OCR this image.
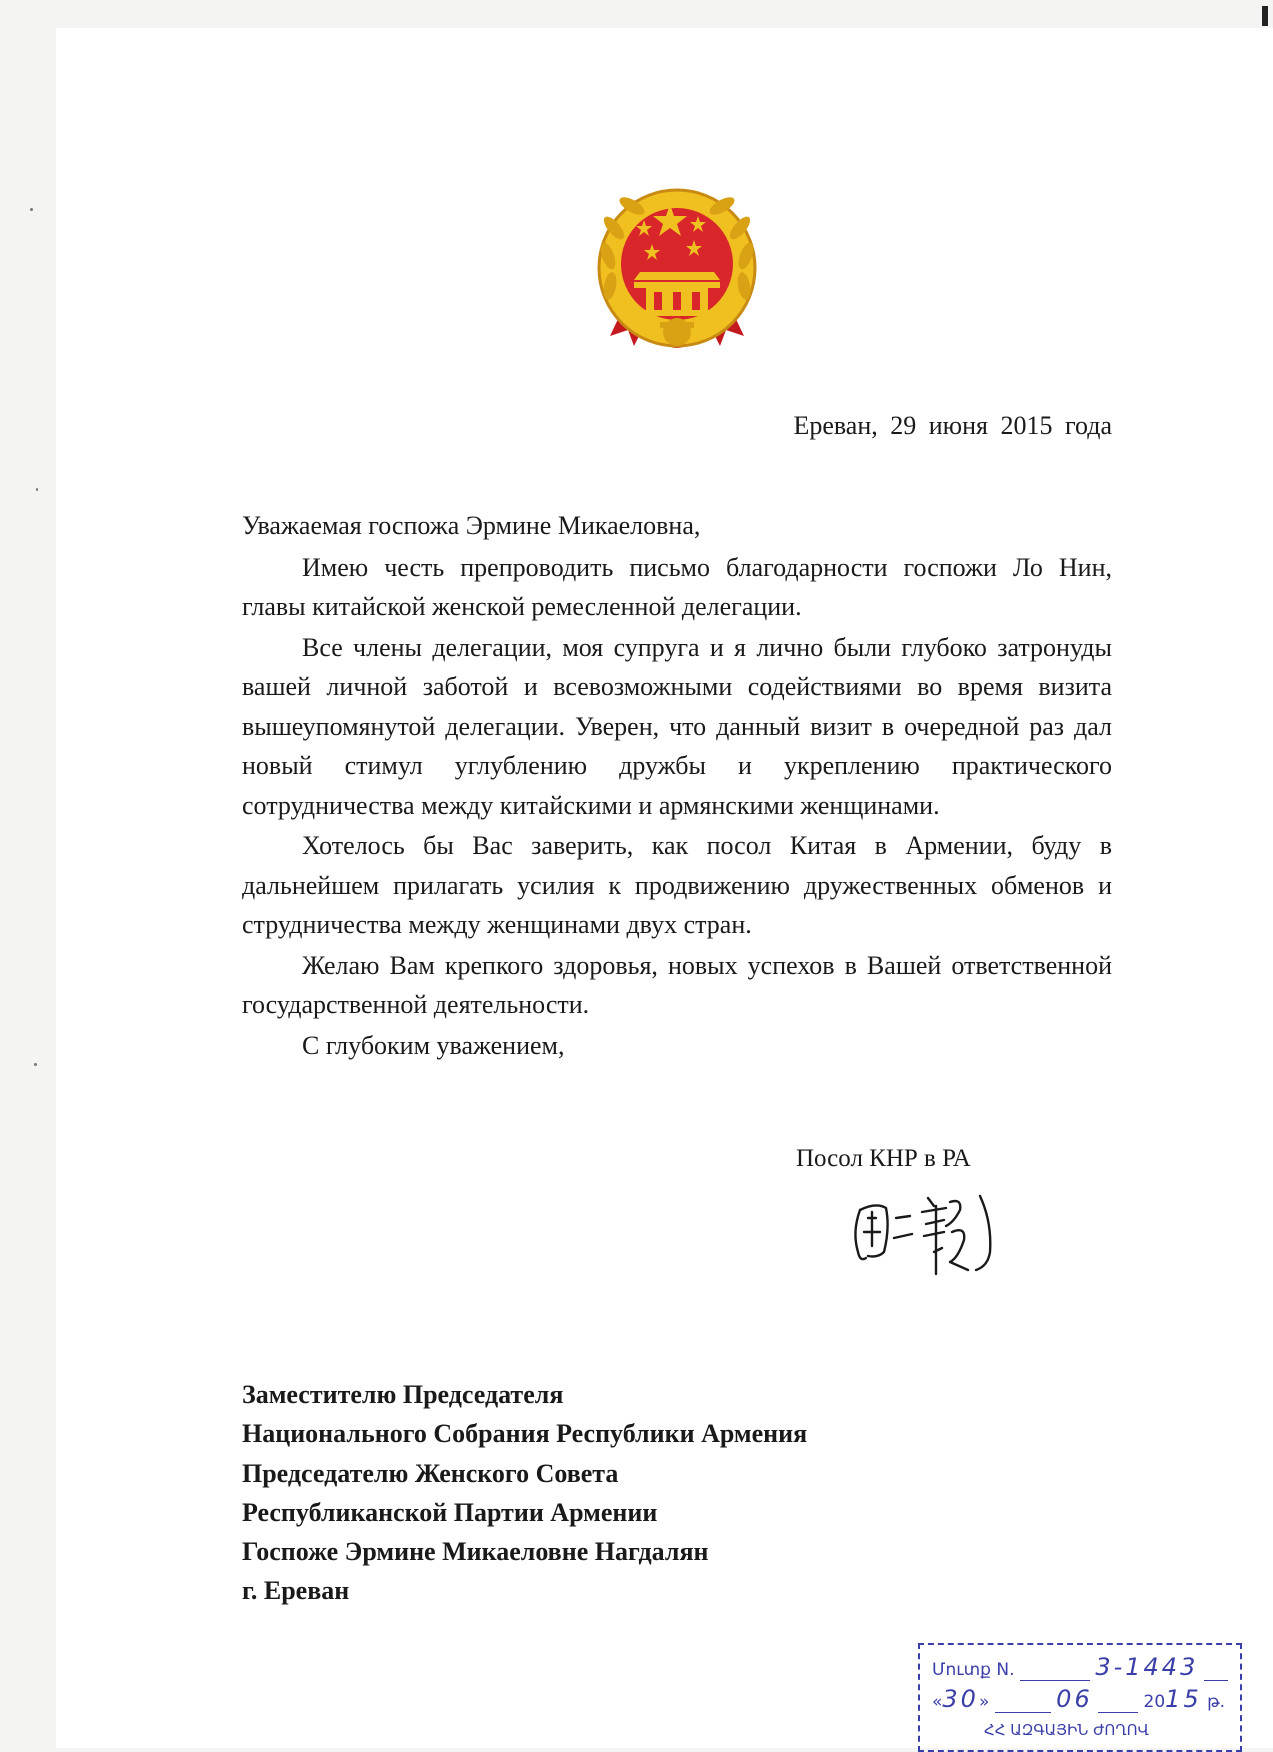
Ереван, 29 июня 2015 года

Уважаемая госпожа Эрмине Микаеловна,

Имею честь препроводить письмо благодарности госпожи Ло Нин, главы китайской женской ремесленной делегации.

Все члены делегации, моя супруга и я лично были глубоко затронуды вашей личной заботой и всевозможными содействиями во время визита вышеупомянутой делегации. Уверен, что данный визит в очередной раз дал новый стимул углублению дружбы и укреплению практического сотрудничества между китайскими и армянскими женщинами.

Хотелось бы Вас заверить, как посол Китая в Армении, буду в дальнейшем прилагать усилия к продвижению дружественных обменов и струдничества между женщинами двух стран.

Желаю Вам крепкого здоровья, новых успехов в Вашей ответственной государственной деятельности.

С глубоким уважением,

Посол КНР в РА
Заместителю Председателя
Национального Собрания Республики Армения
Председателю Женского Совета
Республиканской Партии Армении
Госпоже Эрмине Микаеловне Нагдалян
г. Ереван
Մուտք N.	3-1443
«30»	06	2015 թ.
ՀՀ ԱԶԳԱՅԻՆ ԺՈՂՈՎ
